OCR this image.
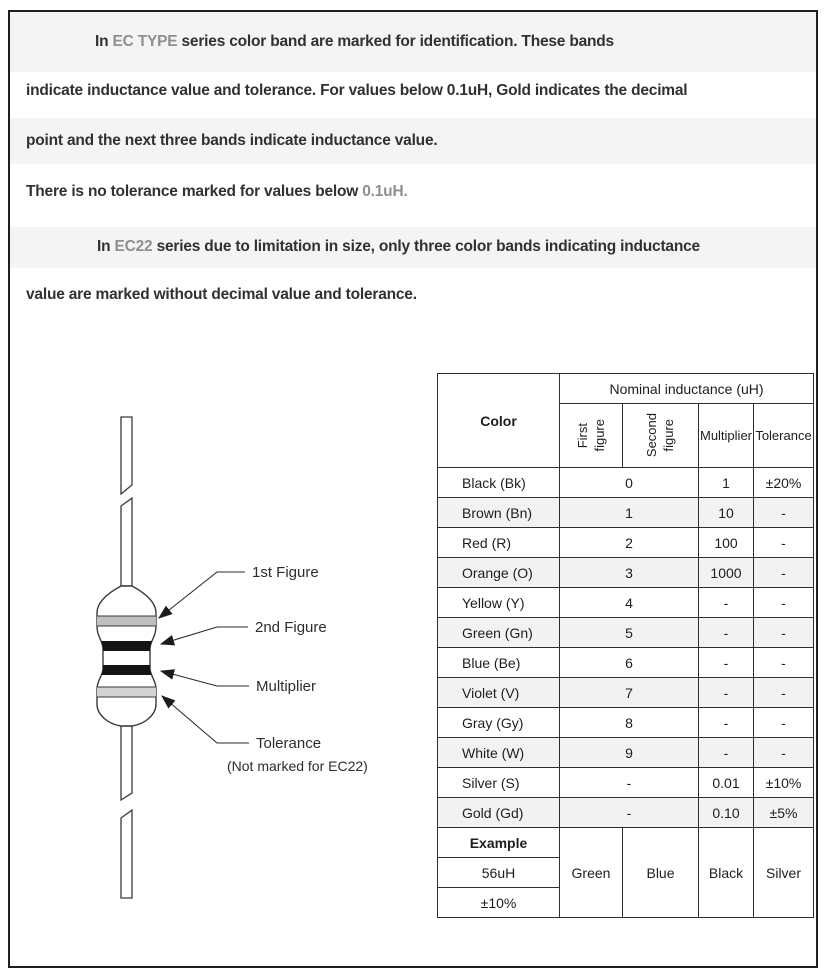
In EC TYPE series color band are marked for identification. These bands
indicate inductance value and tolerance. For values below 0.1uH, Gold indicates the decimal
point and the next three bands indicate inductance value.
There is no tolerance marked for values below 0.1uH.
In EC22 series due to limitation in size, only three color bands indicating inductance
value are marked without decimal value and tolerance.
1st Figure
2nd Figure
Multiplier
Tolerance
(Not marked for EC22)
Color	Nominal inductance (uH)			

	First figure	Second figure	Multiplier	Tolerance
Black (Bk)	0		1	±20%
Brown (Bn)	1		10	-
Red (R)	2		100	-
Orange (O)	3		1000	-
Yellow (Y)	4		-	-
Green (Gn)	5		-	-
Blue (Be)	6		-	-
Violet (V)	7		-	-
Gray (Gy)	8		-	-
White (W)	9		-	-
Silver (S)	-		0.01	±10%
Gold (Gd)	-		0.10	±5%
Example	Green	Blue	Black	Silver
56uH				
±10%				
